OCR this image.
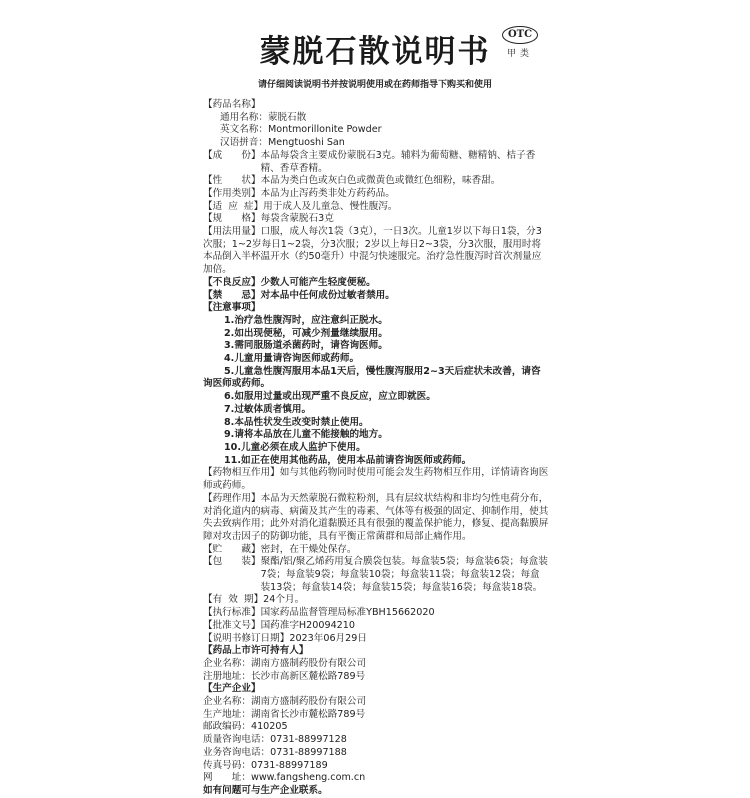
蒙脱石散说明书	OTC
甲类
请仔细阅读说明书并按说明使用或在药师指导下购买和使用

【药品名称】

通用名称： 蒙脱石散
英文名称： Montmorillonite Powder
汉语拼音： Mengtuoshi San
【成　　份】 本品每袋含主要成份蒙脱石3克。辅料为葡萄糖、糖精钠、桔子香精、香草香精。
【性　　状】 本品为类白色或灰白色或微黄色或微红色细粉，味香甜。
【作用类别】 本品为止泻药类非处方药药品。
【适  应  症】 用于成人及儿童急、慢性腹泻。
【规　　格】 每袋含蒙脱石3克

【用法用量】口服，成人每次1袋（3克），一日3次。儿童1岁以下每日1袋，分3次服；1~2岁每日1~2袋，分3次服；2岁以上每日2~3袋，分3次服，服用时将本品倒入半杯温开水（约50毫升）中混匀快速服完。治疗急性腹泻时首次剂量应加倍。

【不良反应】少数人可能产生轻度便秘。

【禁　　忌】对本品中任何成份过敏者禁用。

【注意事项】

1.治疗急性腹泻时，应注意纠正脱水。

2.如出现便秘，可减少剂量继续服用。

3.需同服肠道杀菌药时，请咨询医师。

4.儿童用量请咨询医师或药师。

5.儿童急性腹泻服用本品1天后，慢性腹泻服用2~3天后症状未改善，请咨询医师或药师。

6.如服用过量或出现严重不良反应，应立即就医。

7.过敏体质者慎用。

8.本品性状发生改变时禁止使用。

9.请将本品放在儿童不能接触的地方。

10.儿童必须在成人监护下使用。

11.如正在使用其他药品，使用本品前请咨询医师或药师。

【药物相互作用】如与其他药物同时使用可能会发生药物相互作用，详情请咨询医师或药师。

【药理作用】本品为天然蒙脱石微粒粉剂，具有层纹状结构和非均匀性电荷分布，对消化道内的病毒、病菌及其产生的毒素、气体等有极强的固定、抑制作用，使其失去致病作用；此外对消化道黏膜还具有很强的覆盖保护能力，修复、提高黏膜屏障对攻击因子的防御功能，具有平衡正常菌群和局部止痛作用。

【贮　　藏】 密封，在干燥处保存。
【包　　装】 聚酯/铝/聚乙烯药用复合膜袋包装。每盒装5袋；每盒装6袋；每盒装7袋；每盒装9袋；每盒装10袋；每盒装11袋；每盒装12袋；每盒装13袋；每盒装14袋；每盒装15袋；每盒装16袋；每盒装18袋。
【有  效  期】 24个月。
【执行标准】 国家药品监督管理局标准YBH15662020
【批准文号】 国药准字H20094210
【说明书修订日期】 2023年06月29日

【药品上市许可持有人】

企业名称： 湖南方盛制药股份有限公司
注册地址： 长沙市高新区麓松路789号

【生产企业】

企业名称： 湖南方盛制药股份有限公司
生产地址： 湖南省长沙市麓松路789号
邮政编码： 410205
质量咨询电话： 0731-88997128
业务咨询电话： 0731-88997188
传真号码： 0731-88997189
网　　址： www.fangsheng.com.cn

如有问题可与生产企业联系。
